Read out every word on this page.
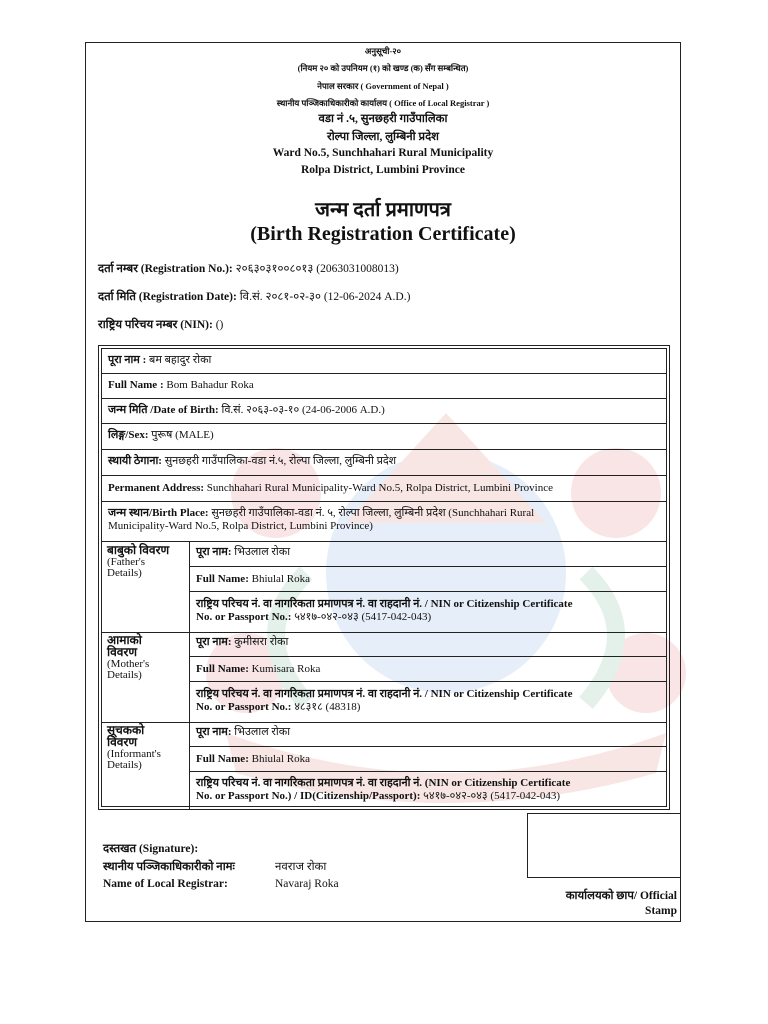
अनुसूची-२०
(नियम २० को उपनियम (१) को खण्ड (क) सँग सम्बन्धित)
नेपाल सरकार ( Government of Nepal )
स्थानीय पञ्जिकाधिकारीको कार्यालय ( Office of Local Registrar )
वडा नं .५, सुनछहरी गाउँपालिका
रोल्पा जिल्ला, लुम्बिनी प्रदेश
Ward No.5, Sunchhahari Rural Municipality
Rolpa District, Lumbini Province
जन्म दर्ता प्रमाणपत्र
(Birth Registration Certificate)
दर्ता नम्बर (Registration No.): २०६३०३१००८०१३ (2063031008013)
दर्ता मिति (Registration Date): वि.सं. २०८१-०२-३० (12-06-2024 A.D.)
राष्ट्रिय परिचय नम्बर (NIN): ()
पूरा नाम : बम बहादुर रोका
Full Name : Bom Bahadur Roka
जन्म मिति /Date of Birth: वि.सं. २०६३-०३-१० (24-06-2006 A.D.)
लिङ्ग/Sex: पुरूष (MALE)
स्थायी ठेगाना: सुनछहरी गाउँपालिका-वडा नं.५, रोल्पा जिल्ला, लुम्बिनी प्रदेश
Permanent Address: Sunchhahari Rural Municipality-Ward No.5, Rolpa District, Lumbini Province
जन्म स्थान/Birth Place: सुनछहरी गाउँपालिका-वडा नं. ५, रोल्पा जिल्ला, लुम्बिनी प्रदेश (Sunchhahari Rural
Municipality-Ward No.5, Rolpa District, Lumbini Province)
बाबुको विवरण
(Father's
Details)
पूरा नाम: भिउलाल रोका
Full Name: Bhiulal Roka
राष्ट्रिय परिचय नं. वा नागरिकता प्रमाणपत्र नं. वा राहदानी नं. / NIN or Citizenship Certificate
No. or Passport No.: ५४१७-०४२-०४३ (5417-042-043)
आमाको
विवरण
(Mother's
Details)
पूरा नाम: कुमीसरा रोका
Full Name: Kumisara Roka
राष्ट्रिय परिचय नं. वा नागरिकता प्रमाणपत्र नं. वा राहदानी नं. / NIN or Citizenship Certificate
No. or Passport No.: ४८३१८ (48318)
सूचकको
विवरण
(Informant's
Details)
पूरा नाम: भिउलाल रोका
Full Name: Bhiulal Roka
राष्ट्रिय परिचय नं. वा नागरिकता प्रमाणपत्र नं. वा राहदानी नं. (NIN or Citizenship Certificate
No. or Passport No.) / ID(Citizenship/Passport): ५४१७-०४२-०४३ (5417-042-043)
दस्तखत (Signature):
स्थानीय पञ्जिकाधिकारीको नामः	नवराज रोका
Name of Local Registrar:	Navaraj Roka
कार्यालयको छाप/ Official
Stamp
